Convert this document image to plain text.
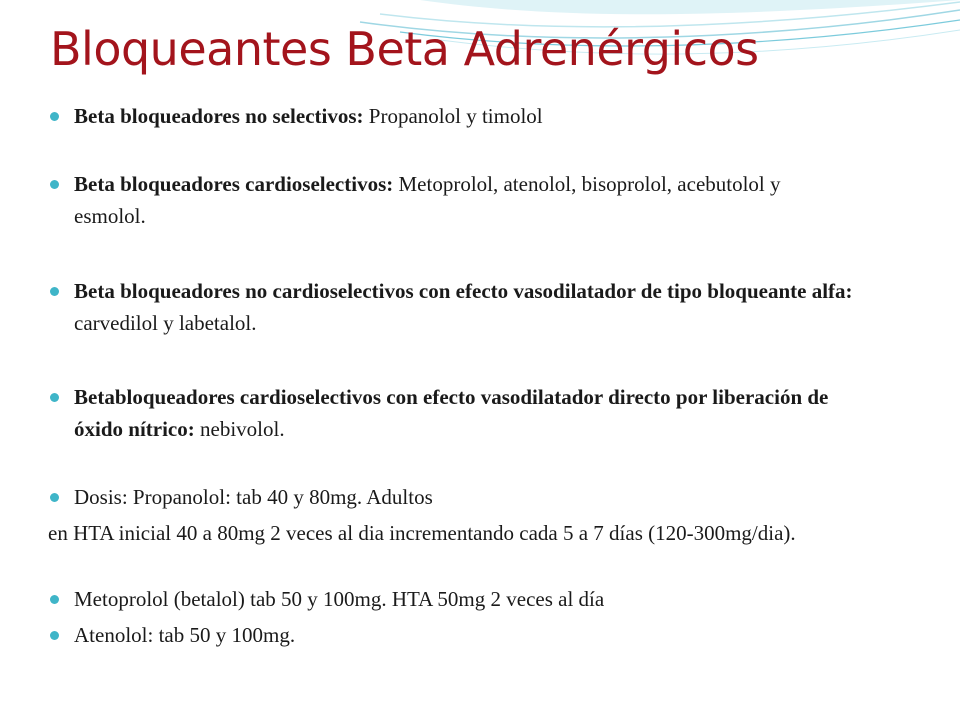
Bloqueantes Beta Adrenérgicos
Beta bloqueadores no selectivos: Propanolol y timolol
Beta bloqueadores cardioselectivos: Metoprolol, atenolol, bisoprolol, acebutolol y esmolol.
Beta bloqueadores no cardioselectivos con efecto vasodilatador de tipo bloqueante alfa: carvedilol y labetalol.
Betabloqueadores cardioselectivos con efecto vasodilatador directo por liberación de óxido nítrico: nebivolol.
Dosis: Propanolol: tab 40 y 80mg. Adultos
en HTA inicial 40 a 80mg 2 veces al dia incrementando cada 5 a 7 días (120-300mg/dia).
Metoprolol (betalol) tab 50 y 100mg. HTA 50mg 2 veces al día
Atenolol: tab 50 y 100mg.
